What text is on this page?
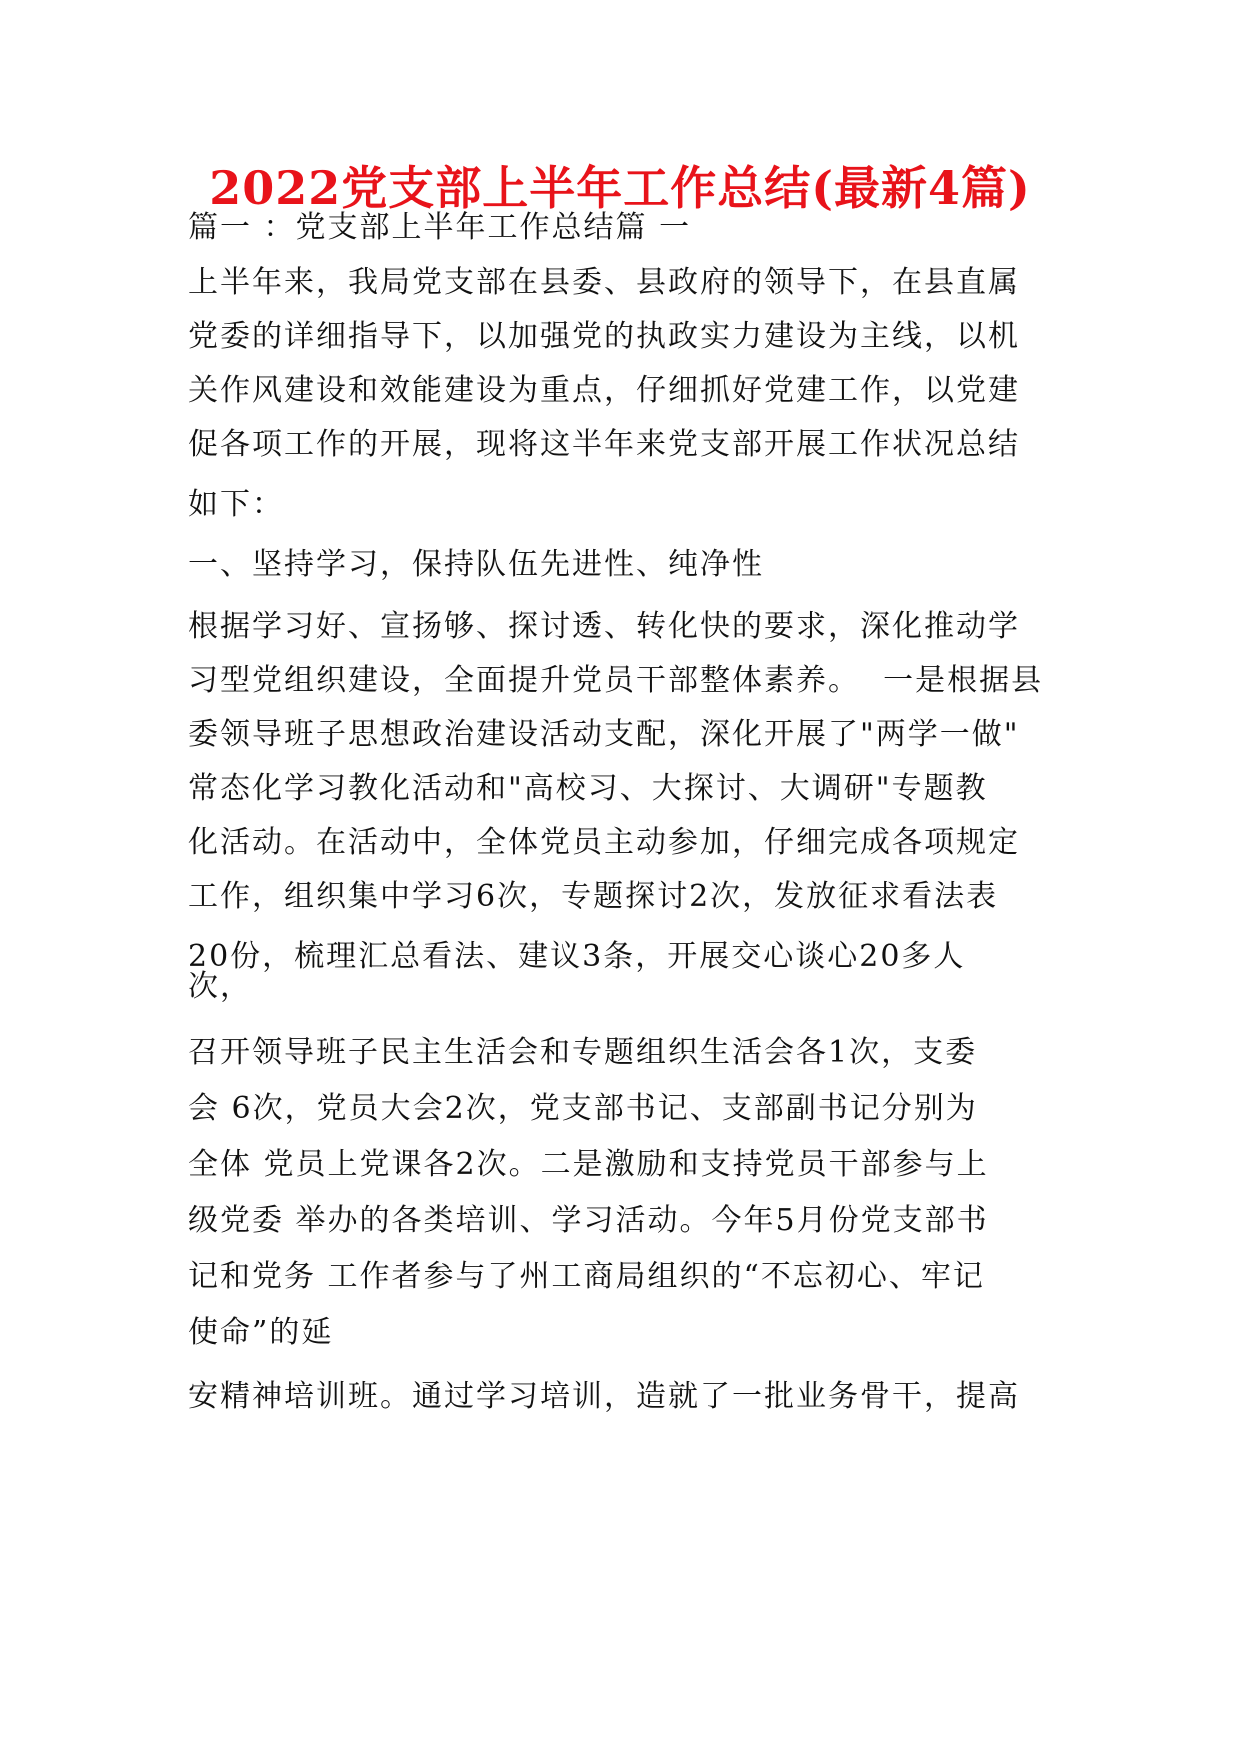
2022党支部上半年工作总结(最新4篇)
篇一 ：党支部上半年工作总结篇 一
上半年来，我局党支部在县委、县政府的领导下，在县直属
党委的详细指导下，以加强党的执政实力建设为主线，以机
关作风建设和效能建设为重点，仔细抓好党建工作，以党建
促各项工作的开展，现将这半年来党支部开展工作状况总结
如下：
一、坚持学习，保持队伍先进性、纯净性
根据学习好、宣扬够、探讨透、转化快的要求，深化推动学
习型党组织建设，全面提升党员干部整体素养。  一是根据县
委领导班子思想政治建设活动支配，深化开展了"两学一做"
常态化学习教化活动和"高校习、大探讨、大调研"专题教
化活动。在活动中，全体党员主动参加，仔细完成各项规定
工作，组织集中学习6次，专题探讨2次，发放征求看法表
20份，梳理汇总看法、建议3条，开展交心谈心20多人
次，
召开领导班子民主生活会和专题组织生活会各1次，支委
会 6次，党员大会2次，党支部书记、支部副书记分别为
全体 党员上党课各2次。二是激励和支持党员干部参与上
级党委 举办的各类培训、学习活动。今年5月份党支部书
记和党务 工作者参与了州工商局组织的“不忘初心、牢记
使命”的延
安精神培训班。通过学习培训，造就了一批业务骨干，提高
